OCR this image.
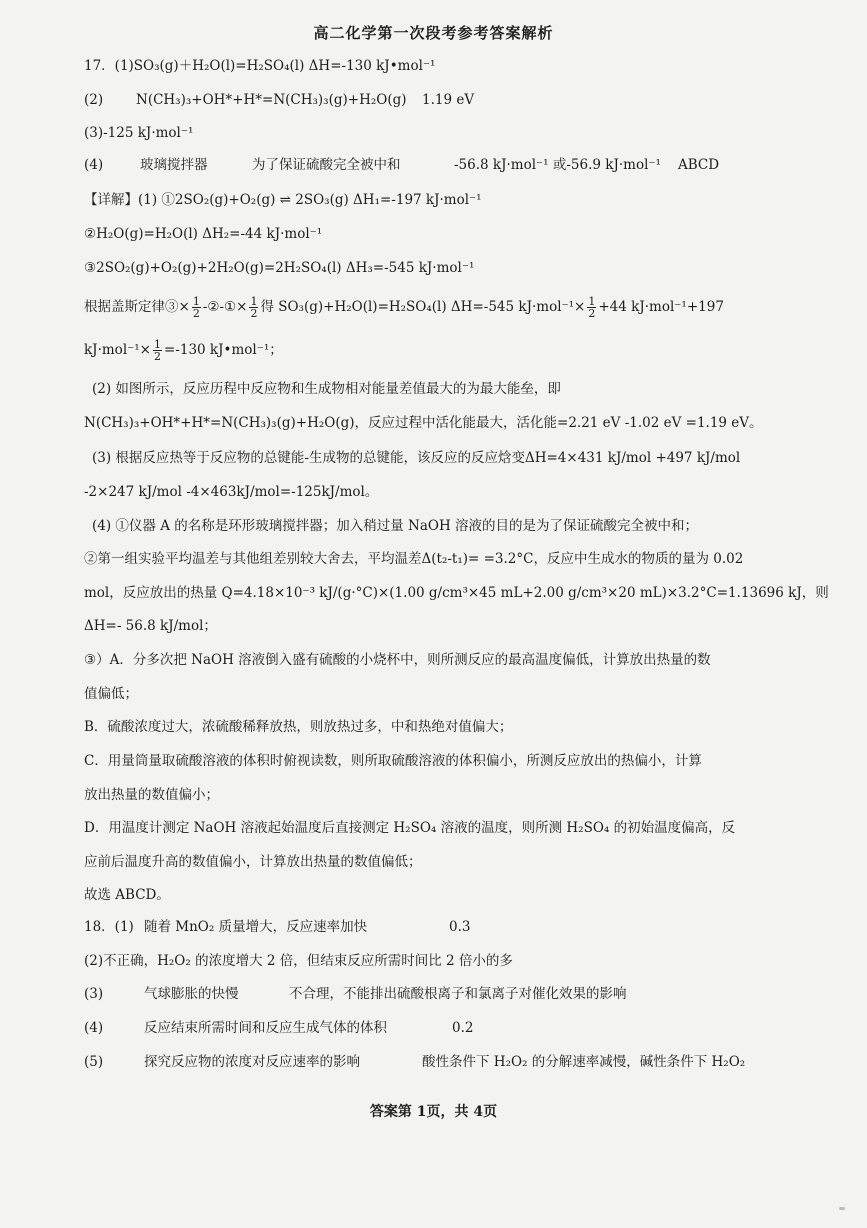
高二化学第一次段考参考答案解析
17．(1)SO₃(g)＋H₂O(l)=H₂SO₄(l) ΔH=-130 kJ•mol⁻¹
(2) N(CH₃)₃+OH*+H*=N(CH₃)₃(g)+H₂O(g) 1.19 eV
(3)-125 kJ·mol⁻¹
(4)	玻璃搅拌器	为了保证硫酸完全被中和	-56.8 kJ·mol⁻¹ 或-56.9 kJ·mol⁻¹ ABCD
【详解】(1) ①2SO₂(g)+O₂(g) ⇌ 2SO₃(g) ΔH₁=-197 kJ·mol⁻¹
②H₂O(g)=H₂O(l) ΔH₂=-44 kJ·mol⁻¹
③2SO₂(g)+O₂(g)+2H₂O(g)=2H₂SO₄(l) ΔH₃=-545 kJ·mol⁻¹
根据盖斯定律③× $\frac{1}{2}$ -②-①× $\frac{1}{2}$ 得 SO₃(g)+H₂O(l)=H₂SO₄(l) ΔH=-545 $kJ\cdot mol^{-1}\times \frac{1}{2} +44$ kJ·mol⁻¹+197
$kJ\cdot mol^{-1}\times \frac{1}{2} =-130$ kJ•mol⁻¹；
(2) 如图所示，反应历程中反应物和生成物相对能量差值最大的为最大能垒，即
N(CH₃)₃+OH*+H*=N(CH₃)₃(g)+H₂O(g)，反应过程中活化能最大，活化能=2.21 eV -1.02 eV =1.19 eV。
(3) 根据反应热等于反应物的总键能-生成物的总键能，该反应的反应焓变ΔH=4×431 kJ/mol +497 kJ/mol
-2×247 kJ/mol -4×463kJ/mol=-125kJ/mol。
(4) ①仪器 A 的名称是环形玻璃搅拌器；加入稍过量 NaOH 溶液的目的是为了保证硫酸完全被中和；
②第一组实验平均温差与其他组差别较大舍去，平均温差Δ(t₂-t₁)= =3.2°C，反应中生成水的物质的量为 0.02
mol，反应放出的热量 Q=4.18×10⁻³ kJ/(g·°C)×(1.00 g/cm³×45 mL+2.00 g/cm³×20 mL)×3.2°C=1.13696 kJ，则
ΔH=- 56.8 kJ/mol；
③）A．分多次把 NaOH 溶液倒入盛有硫酸的小烧杯中，则所测反应的最高温度偏低，计算放出热量的数
值偏低；
B．硫酸浓度过大，浓硫酸稀释放热，则放热过多，中和热绝对值偏大；
C．用量筒量取硫酸溶液的体积时俯视读数，则所取硫酸溶液的体积偏小，所测反应放出的热偏小，计算
放出热量的数值偏小；
D．用温度计测定 NaOH 溶液起始温度后直接测定 H₂SO₄ 溶液的温度，则所测 H₂SO₄ 的初始温度偏高，反
应前后温度升高的数值偏小，计算放出热量的数值偏低；
故选 ABCD。
18．(1) 随着 MnO₂ 质量增大，反应速率加快	0.3
(2)不正确，H₂O₂ 的浓度增大 2 倍，但结束反应所需时间比 2 倍小的多
(3)	气球膨胀的快慢	不合理，不能排出硫酸根离子和氯离子对催化效果的影响
(4)	反应结束所需时间和反应生成气体的体积	0.2
(5)	探究反应物的浓度对反应速率的影响	酸性条件下 H₂O₂ 的分解速率减慢，碱性条件下 H₂O₂
答案第 1页，共 4页
